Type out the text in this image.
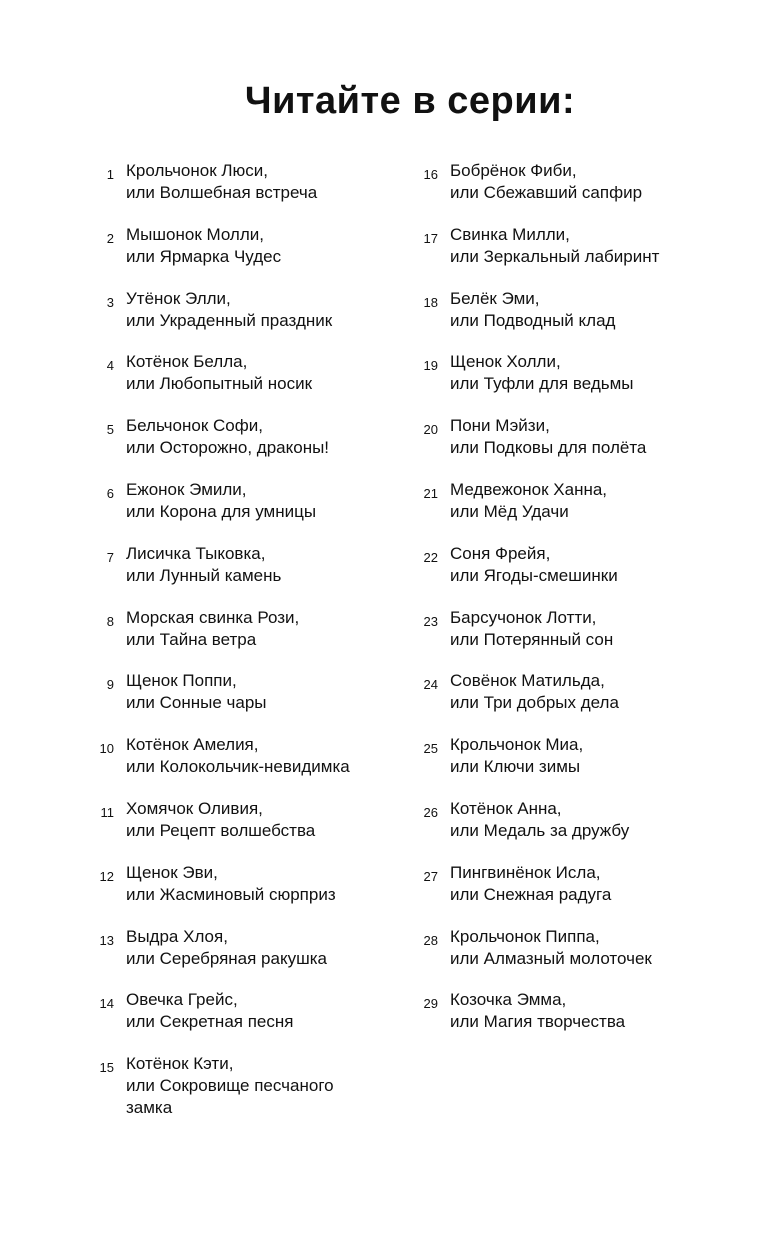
Читайте в серии:
1 Крольчонок Люси,
или Волшебная встреча
2 Мышонок Молли,
или Ярмарка Чудес
3 Утёнок Элли,
или Украденный праздник
4 Котёнок Белла,
или Любопытный носик
5 Бельчонок Софи,
или Осторожно, драконы!
6 Ежонок Эмили,
или Корона для умницы
7 Лисичка Тыковка,
или Лунный камень
8 Морская свинка Рози,
или Тайна ветра
9 Щенок Поппи,
или Сонные чары
10 Котёнок Амелия,
или Колокольчик-невидимка
11 Хомячок Оливия,
или Рецепт волшебства
12 Щенок Эви,
или Жасминовый сюрприз
13 Выдра Хлоя,
или Серебряная ракушка
14 Овечка Грейс,
или Секретная песня
15 Котёнок Кэти,
или Сокровище песчаного
замка
16 Бобрёнок Фиби,
или Сбежавший сапфир
17 Свинка Милли,
или Зеркальный лабиринт
18 Белёк Эми,
или Подводный клад
19 Щенок Холли,
или Туфли для ведьмы
20 Пони Мэйзи,
или Подковы для полёта
21 Медвежонок Ханна,
или Мёд Удачи
22 Соня Фрейя,
или Ягоды-смешинки
23 Барсучонок Лотти,
или Потерянный сон
24 Совёнок Матильда,
или Три добрых дела
25 Крольчонок Миа,
или Ключи зимы
26 Котёнок Анна,
или Медаль за дружбу
27 Пингвинёнок Исла,
или Снежная радуга
28 Крольчонок Пиппа,
или Алмазный молоточек
29 Козочка Эмма,
или Магия творчества
